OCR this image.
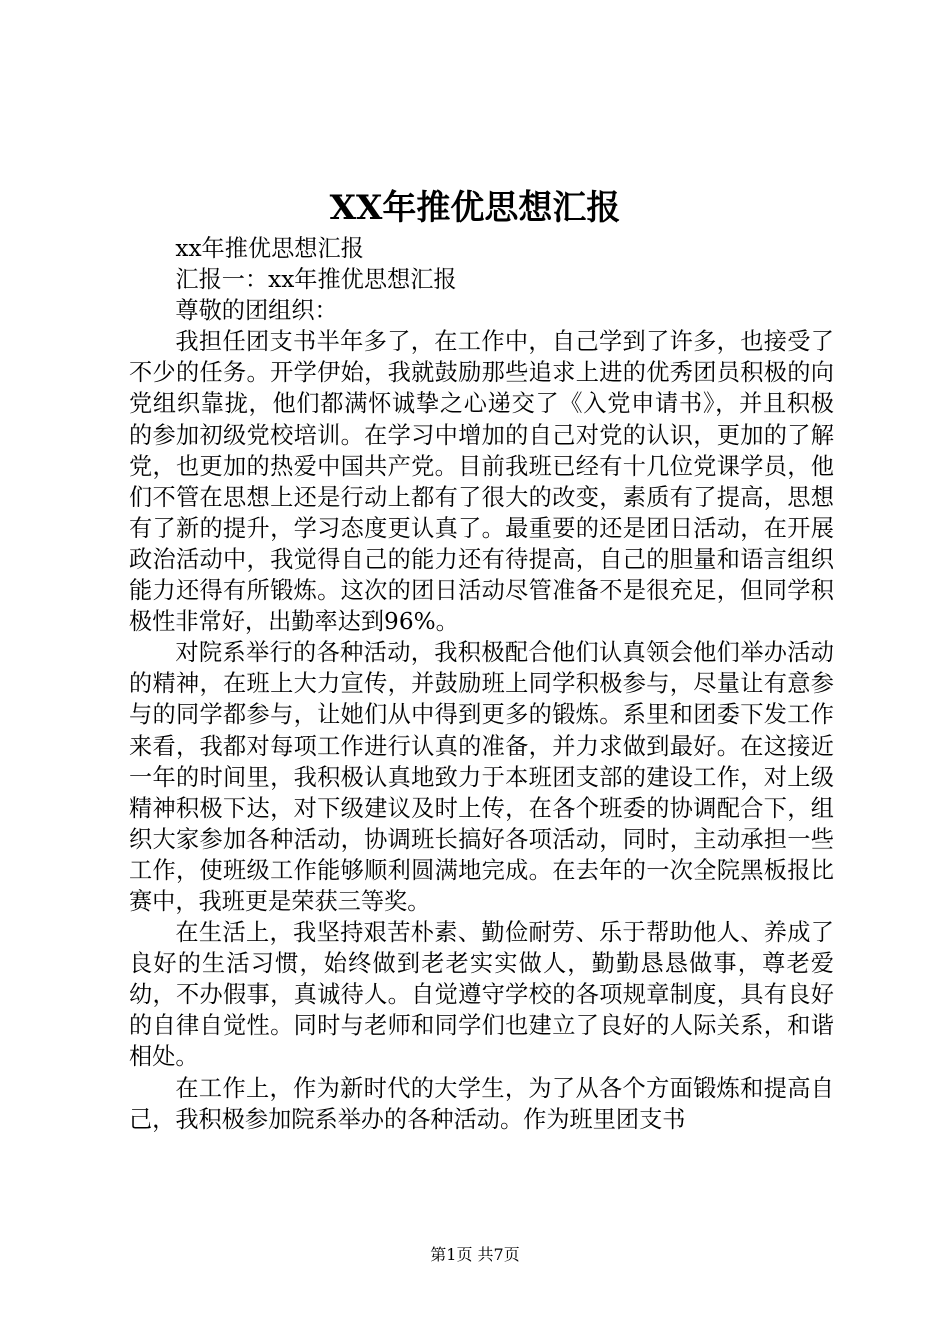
XX年推优思想汇报

xx年推优思想汇报

汇报一：xx年推优思想汇报

尊敬的团组织：

我担任团支书半年多了，在工作中，自己学到了许多，也接受了不少的任务。开学伊始，我就鼓励那些追求上进的优秀团员积极的向党组织靠拢，他们都满怀诚挚之心递交了《入党申请书》，并且积极的参加初级党校培训。在学习中增加的自己对党的认识，更加的了解党，也更加的热爱中国共产党。目前我班已经有十几位党课学员，他们不管在思想上还是行动上都有了很大的改变，素质有了提高，思想有了新的提升，学习态度更认真了。最重要的还是团日活动，在开展政治活动中，我觉得自己的能力还有待提高，自己的胆量和语言组织能力还得有所锻炼。这次的团日活动尽管准备不是很充足，但同学积极性非常好，出勤率达到96%。

对院系举行的各种活动，我积极配合他们认真领会他们举办活动的精神，在班上大力宣传，并鼓励班上同学积极参与，尽量让有意参与的同学都参与，让她们从中得到更多的锻炼。系里和团委下发工作来看，我都对每项工作进行认真的准备，并力求做到最好。在这接近一年的时间里，我积极认真地致力于本班团支部的建设工作，对上级精神积极下达，对下级建议及时上传，在各个班委的协调配合下，组织大家参加各种活动，协调班长搞好各项活动，同时，主动承担一些工作，使班级工作能够顺利圆满地完成。在去年的一次全院黑板报比赛中，我班更是荣获三等奖。

在生活上，我坚持艰苦朴素、勤俭耐劳、乐于帮助他人、养成了良好的生活习惯，始终做到老老实实做人，勤勤恳恳做事，尊老爱幼，不办假事，真诚待人。自觉遵守学校的各项规章制度，具有良好的自律自觉性。同时与老师和同学们也建立了良好的人际关系，和谐相处。

在工作上，作为新时代的大学生，为了从各个方面锻炼和提高自己，我积极参加院系举办的各种活动。作为班里团支书

第1页 共7页
